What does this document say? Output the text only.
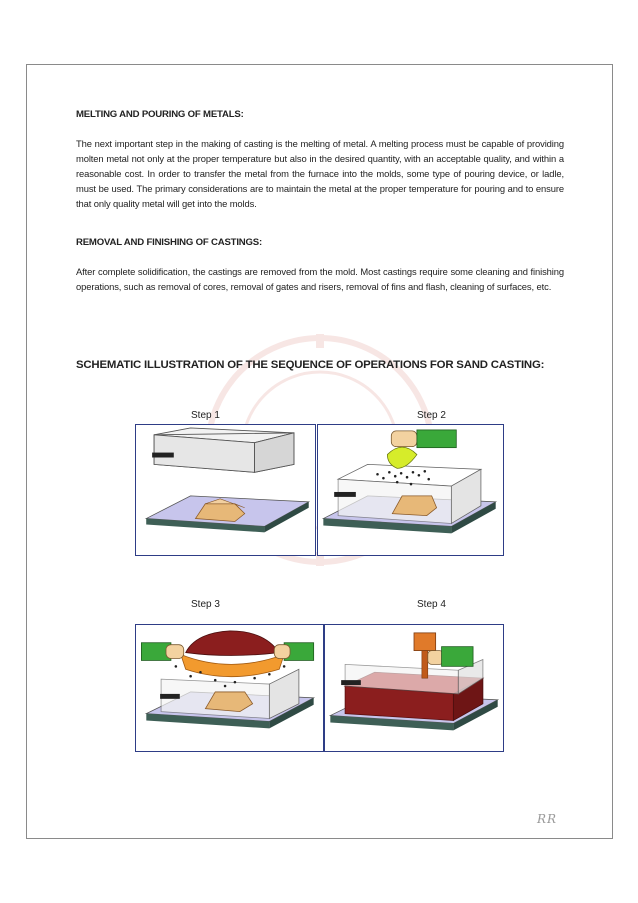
MELTING AND POURING OF METALS:

The next important step in the making of casting is the melting of metal. A melting process must be capable of providing molten metal not only at the proper temperature but also in the desired quantity, with an acceptable quality, and within a reasonable cost. In order to transfer the metal from the furnace into the molds, some type of pouring device, or ladle, must be used. The primary considerations are to maintain the metal at the proper temperature for pouring and to ensure that only quality metal will get into the molds.

REMOVAL AND FINISHING OF CASTINGS:

After complete solidification, the castings are removed from the mold. Most castings require some cleaning and finishing operations, such as removal of cores, removal of gates and risers, removal of fins and flash, cleaning of surfaces, etc.

SCHEMATIC ILLUSTRATION OF THE SEQUENCE OF OPERATIONS FOR SAND CASTING:

Step 1	Step 2

Step 3	Step 4

RR
